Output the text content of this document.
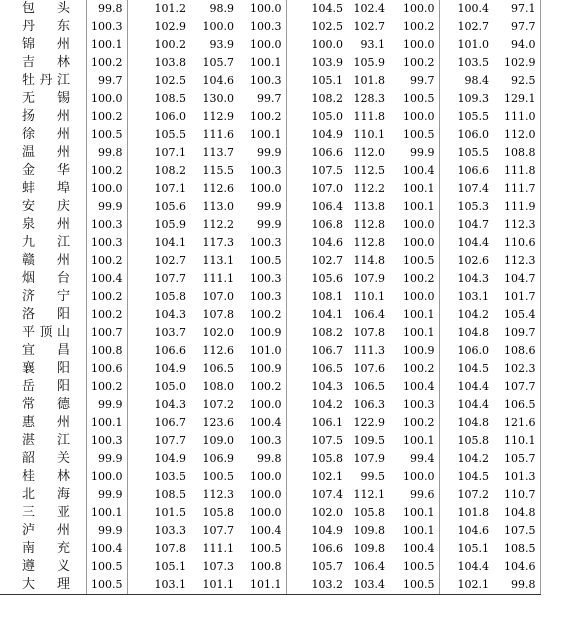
包头	99.8	101.2	98.9	100.0	104.5	102.4	100.0	100.4	97.1

丹东	100.3	102.9	100.0	100.3	102.5	102.7	100.2	102.7	97.7

锦州	100.1	100.2	93.9	100.0	100.0	93.1	100.0	101.0	94.0

吉林	100.2	103.8	105.7	100.1	103.9	105.9	100.2	103.5	102.9

牡丹江	99.7	102.5	104.6	100.3	105.1	101.8	99.7	98.4	92.5

无锡	100.0	108.5	130.0	99.7	108.2	128.3	100.5	109.3	129.1

扬州	100.2	106.0	112.9	100.2	105.0	111.8	100.0	105.5	111.0

徐州	100.5	105.5	111.6	100.1	104.9	110.1	100.5	106.0	112.0

温州	99.8	107.1	113.7	99.9	106.6	112.0	99.9	105.5	108.8

金华	100.2	108.2	115.5	100.3	107.5	112.5	100.4	106.6	111.8

蚌埠	100.0	107.1	112.6	100.0	107.0	112.2	100.1	107.4	111.7

安庆	99.9	105.6	113.0	99.9	106.4	113.8	100.1	105.3	111.9

泉州	100.3	105.9	112.2	99.9	106.8	112.8	100.0	104.7	112.3

九江	100.3	104.1	117.3	100.3	104.6	112.8	100.0	104.4	110.6

赣州	100.2	102.7	113.1	100.5	102.7	114.8	100.5	102.6	112.3

烟台	100.4	107.7	111.1	100.3	105.6	107.9	100.2	104.3	104.7

济宁	100.2	105.8	107.0	100.3	108.1	110.1	100.0	103.1	101.7

洛阳	100.2	104.3	107.8	100.2	104.1	106.4	100.1	104.2	105.4

平顶山	100.7	103.7	102.0	100.9	108.2	107.8	100.1	104.8	109.7

宜昌	100.8	106.6	112.6	101.0	106.7	111.3	100.9	106.0	108.6

襄阳	100.6	104.9	106.5	100.9	106.5	107.6	100.2	104.5	102.3

岳阳	100.2	105.0	108.0	100.2	104.3	106.5	100.4	104.4	107.7

常德	99.9	104.3	107.2	100.0	104.2	106.3	100.3	104.4	106.5

惠州	100.1	106.7	123.6	100.4	106.1	122.9	100.2	104.8	121.6

湛江	100.3	107.7	109.0	100.3	107.5	109.5	100.1	105.8	110.1

韶关	99.9	104.9	106.9	99.8	105.8	107.9	99.4	104.2	105.7

桂林	100.0	103.5	100.5	100.0	102.1	99.5	100.0	104.5	101.3

北海	99.9	108.5	112.3	100.0	107.4	112.1	99.6	107.2	110.7

三亚	100.1	101.5	105.8	100.0	102.0	105.8	100.1	101.8	104.8

泸州	99.9	103.3	107.7	100.4	104.9	109.8	100.1	104.6	107.5

南充	100.4	107.8	111.1	100.5	106.6	109.8	100.4	105.1	108.5

遵义	100.5	105.1	107.3	100.8	105.7	106.4	100.5	104.4	104.6

大理	100.5	103.1	101.1	101.1	103.2	103.4	100.5	102.1	99.8
